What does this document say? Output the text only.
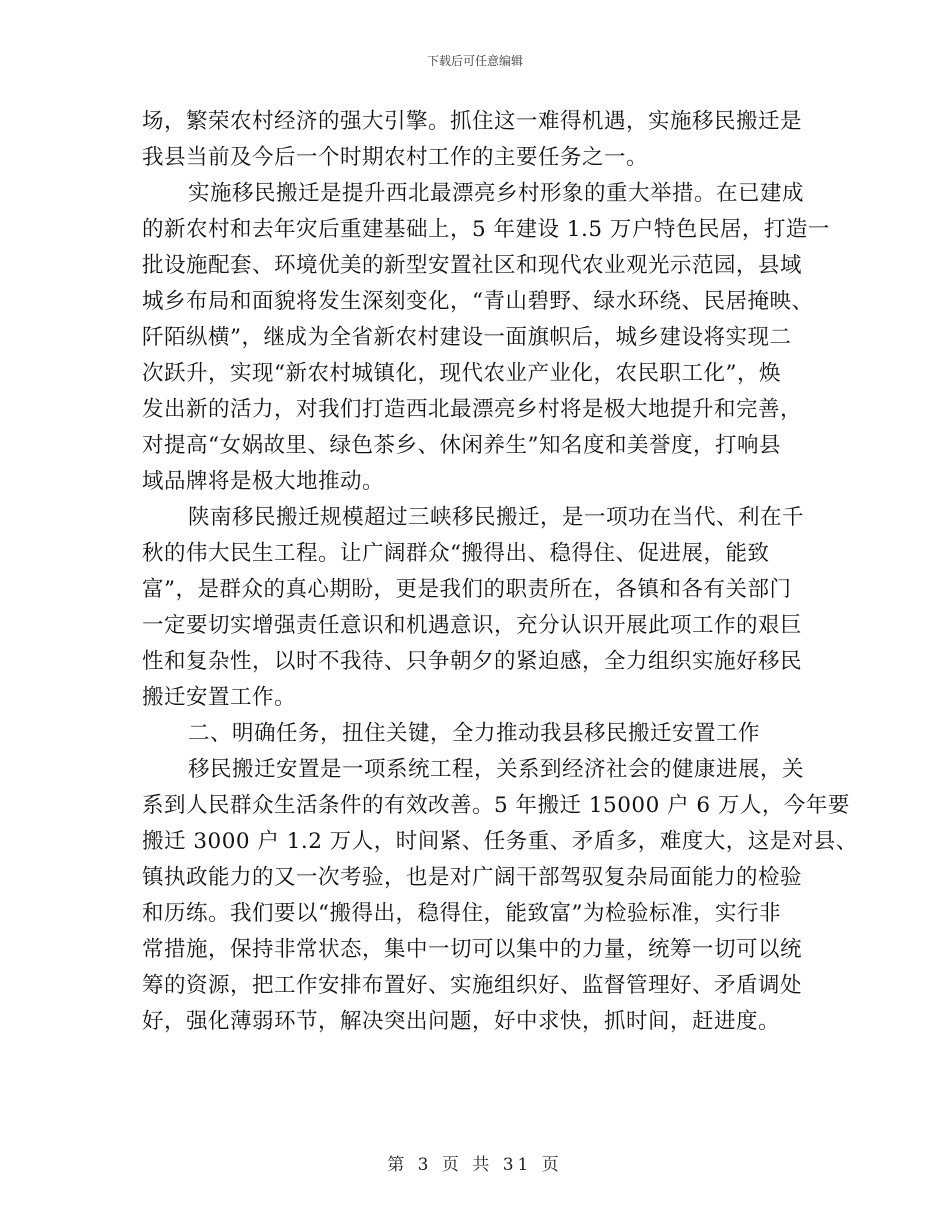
下载后可任意编辑
场，繁荣农村经济的强大引擎。抓住这一难得机遇，实施移民搬迁是
我县当前及今后一个时期农村工作的主要任务之一。
实施移民搬迁是提升西北最漂亮乡村形象的重大举措。在已建成
的新农村和去年灾后重建基础上，5 年建设 1.5 万户特色民居，打造一
批设施配套、环境优美的新型安置社区和现代农业观光示范园，县域
城乡布局和面貌将发生深刻变化，“青山碧野、绿水环绕、民居掩映、
阡陌纵横”，继成为全省新农村建设一面旗帜后，城乡建设将实现二
次跃升，实现“新农村城镇化，现代农业产业化，农民职工化”，焕
发出新的活力，对我们打造西北最漂亮乡村将是极大地提升和完善，
对提高“女娲故里、绿色茶乡、休闲养生”知名度和美誉度，打响县
域品牌将是极大地推动。
陕南移民搬迁规模超过三峡移民搬迁，是一项功在当代、利在千
秋的伟大民生工程。让广阔群众“搬得出、稳得住、促进展，能致
富”，是群众的真心期盼，更是我们的职责所在，各镇和各有关部门
一定要切实增强责任意识和机遇意识，充分认识开展此项工作的艰巨
性和复杂性，以时不我待、只争朝夕的紧迫感，全力组织实施好移民
搬迁安置工作。
二、明确任务，扭住关键，全力推动我县移民搬迁安置工作
移民搬迁安置是一项系统工程，关系到经济社会的健康进展，关
系到人民群众生活条件的有效改善。5 年搬迁 15000 户 6 万人，今年要
搬迁 3000 户 1.2 万人，时间紧、任务重、矛盾多，难度大，这是对县、
镇执政能力的又一次考验，也是对广阔干部驾驭复杂局面能力的检验
和历练。我们要以“搬得出，稳得住，能致富”为检验标准，实行非
常措施，保持非常状态，集中一切可以集中的力量，统筹一切可以统
筹的资源，把工作安排布置好、实施组织好、监督管理好、矛盾调处
好，强化薄弱环节，解决突出问题，好中求快，抓时间，赶进度。
第 3 页 共 31 页
